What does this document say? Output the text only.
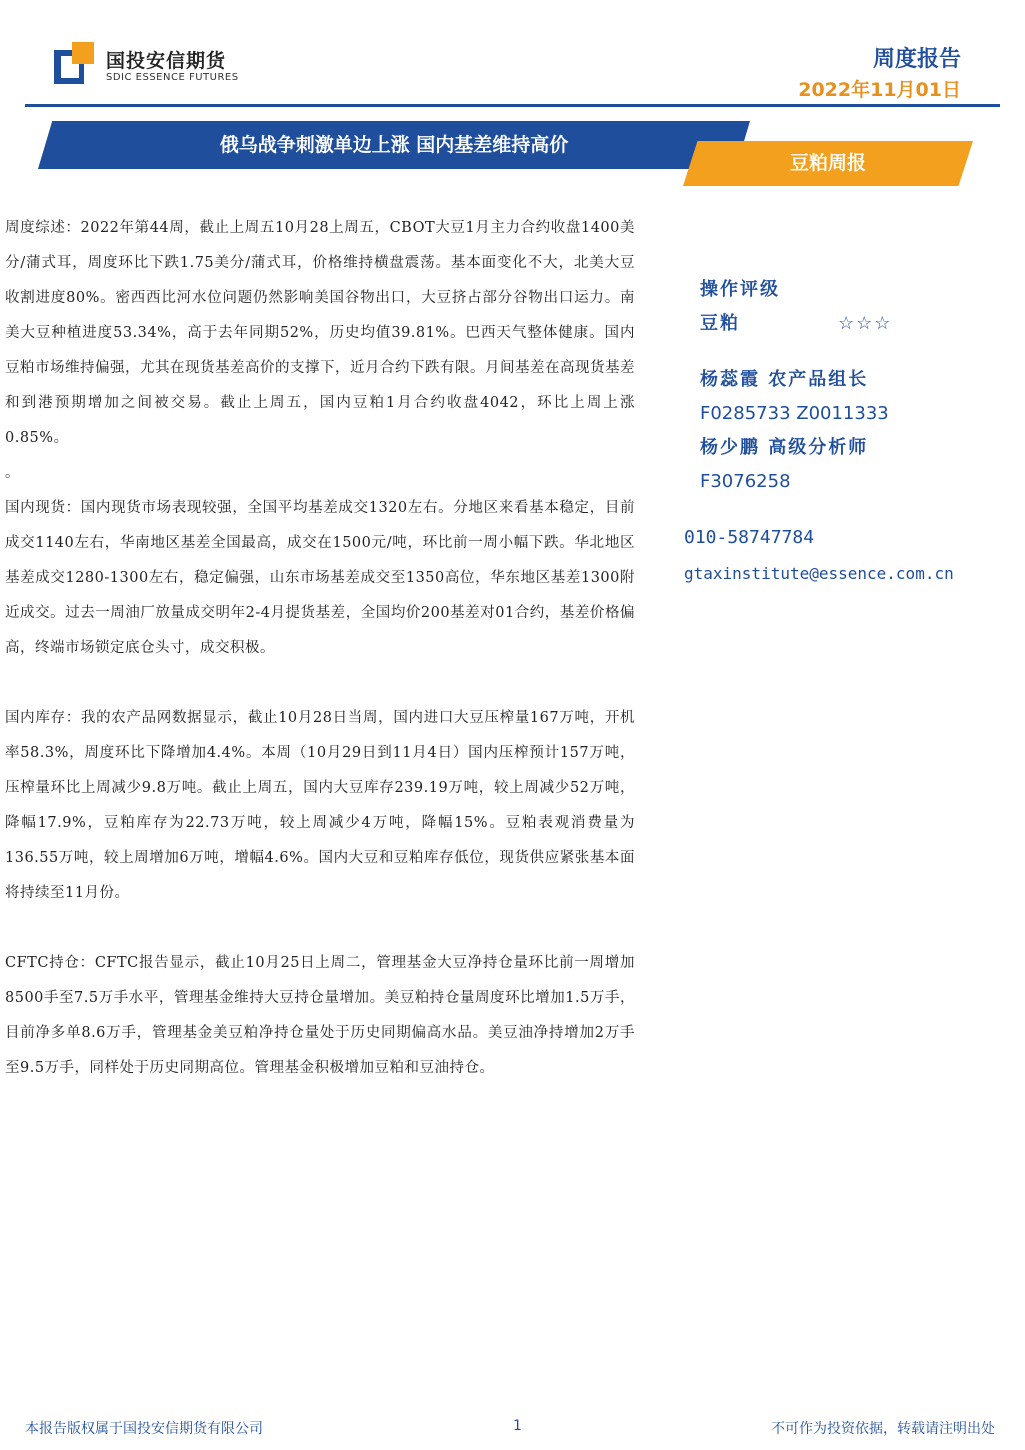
国投安信期货
SDIC ESSENCE FUTURES
周度报告
2022年11月01日
俄乌战争刺激单边上涨 国内基差维持高价
豆粕周报

周度综述：2022年第44周，截止上周五10月28上周五，CBOT大豆1月主力合约收盘1400美分/蒲式耳，周度环比下跌1.75美分/蒲式耳，价格维持横盘震荡。基本面变化不大，北美大豆收割进度80%。密西西比河水位问题仍然影响美国谷物出口，大豆挤占部分谷物出口运力。南美大豆种植进度53.34%，高于去年同期52%，历史均值39.81%。巴西天气整体健康。国内豆粕市场维持偏强，尤其在现货基差高价的支撑下，近月合约下跌有限。月间基差在高现货基差和到港预期增加之间被交易。截止上周五，国内豆粕1月合约收盘4042，环比上周上涨0.85%。

。

国内现货：国内现货市场表现较强，全国平均基差成交1320左右。分地区来看基本稳定，目前成交1140左右，华南地区基差全国最高，成交在1500元/吨，环比前一周小幅下跌。华北地区基差成交1280-1300左右，稳定偏强，山东市场基差成交至1350高位，华东地区基差1300附近成交。过去一周油厂放量成交明年2-4月提货基差，全国均价200基差对01合约，基差价格偏高，终端市场锁定底仓头寸，成交积极。

国内库存：我的农产品网数据显示，截止10月28日当周，国内进口大豆压榨量167万吨，开机率58.3%，周度环比下降增加4.4%。本周（10月29日到11月4日）国内压榨预计157万吨，压榨量环比上周减少9.8万吨。截止上周五，国内大豆库存239.19万吨，较上周减少52万吨，降幅17.9%，豆粕库存为22.73万吨，较上周减少4万吨，降幅15%。豆粕表观消费量为136.55万吨，较上周增加6万吨，增幅4.6%。国内大豆和豆粕库存低位，现货供应紧张基本面将持续至11月份。

CFTC持仓：CFTC报告显示，截止10月25日上周二，管理基金大豆净持仓量环比前一周增加8500手至7.5万手水平，管理基金维持大豆持仓量增加。美豆粕持仓量周度环比增加1.5万手，目前净多单8.6万手，管理基金美豆粕净持仓量处于历史同期偏高水品。美豆油净持增加2万手至9.5万手，同样处于历史同期高位。管理基金积极增加豆粕和豆油持仓。

操作评级
豆粕	☆☆☆
杨蕊霞 农产品组长
F0285733 Z0011333
杨少鹏 高级分析师
F3076258
010-58747784
gtaxinstitute@essence.com.cn
本报告版权属于国投安信期货有限公司	1	不可作为投资依据，转载请注明出处
